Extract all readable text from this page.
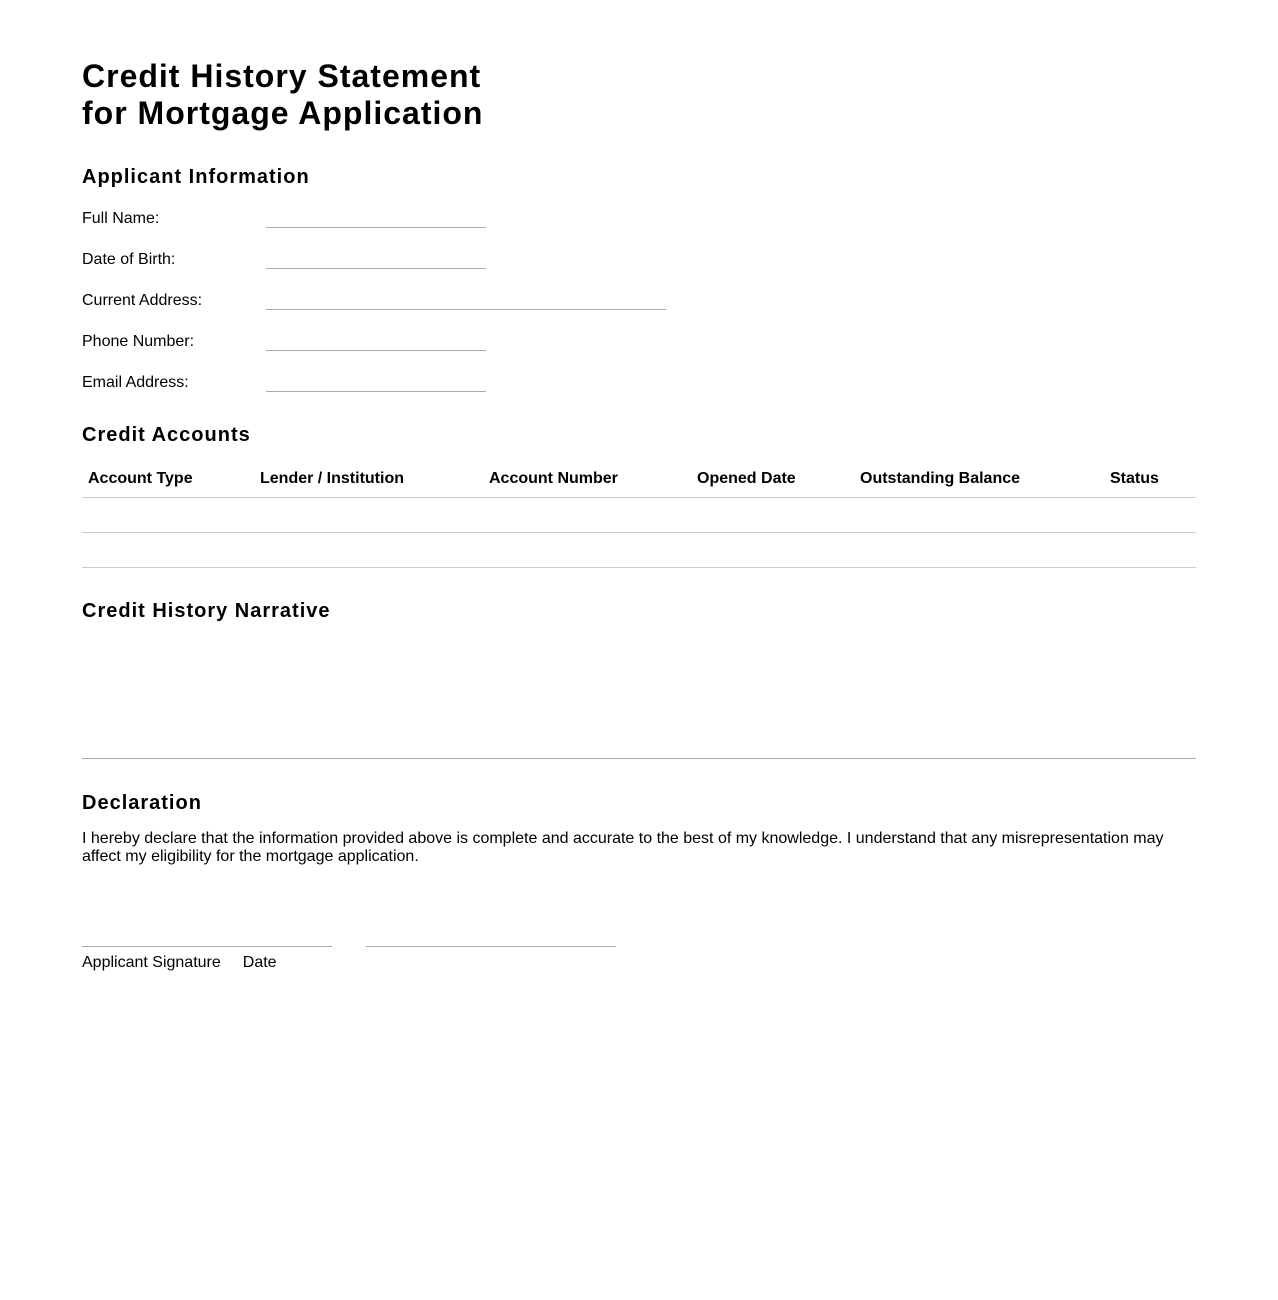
Credit History Statement
for Mortgage Application
Applicant Information
Full Name:
Date of Birth:
Current Address:
Phone Number:
Email Address:
Credit Accounts
Account Type	Lender / Institution	Account Number	Opened Date	Outstanding Balance	Status

Credit History Narrative
Declaration

I hereby declare that the information provided above is complete and accurate to the best of my knowledge. I understand that any misrepresentation may affect my eligibility for the mortgage application.

Applicant Signature Date
